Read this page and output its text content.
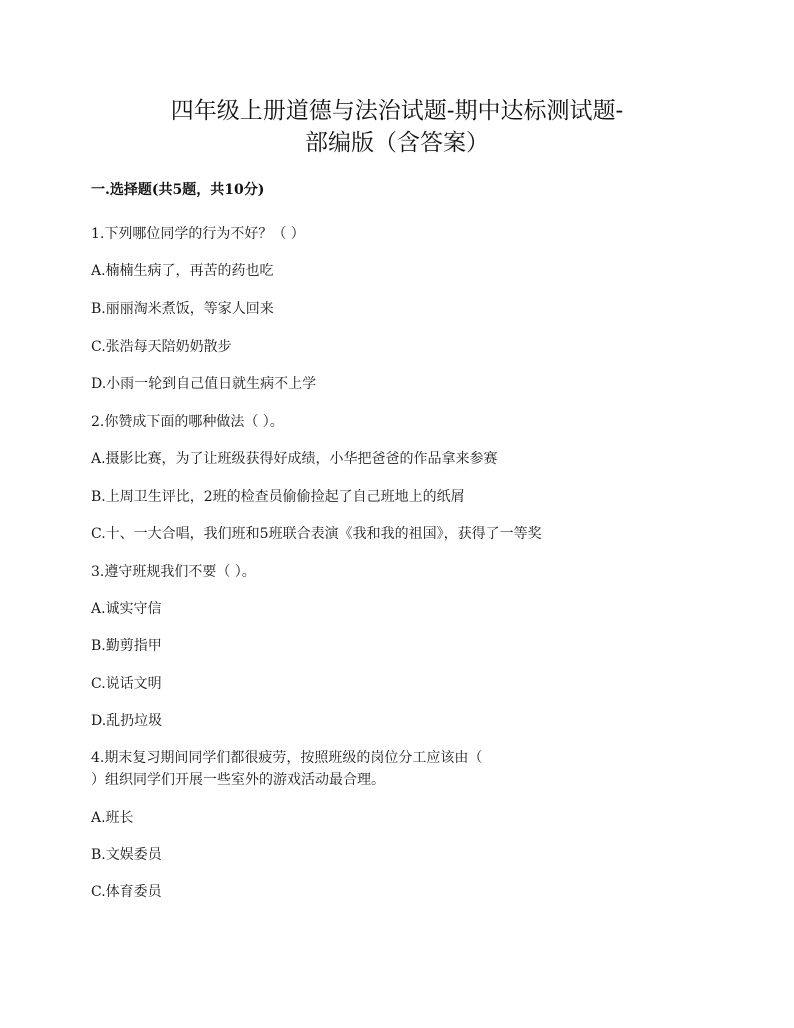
四年级上册道德与法治试题-期中达标测试题-
部编版（含答案）
一.选择题(共5题，共10分)
1.下列哪位同学的行为不好？（ ）
A.楠楠生病了，再苦的药也吃
B.丽丽淘米煮饭，等家人回来
C.张浩每天陪奶奶散步
D.小雨一轮到自己值日就生病不上学
2.你赞成下面的哪种做法（ ）。
A.摄影比赛，为了让班级获得好成绩，小华把爸爸的作品拿来参赛
B.上周卫生评比，2班的检查员偷偷捡起了自己班地上的纸屑
C.十、一大合唱，我们班和5班联合表演《我和我的祖国》，获得了一等奖
3.遵守班规我们不要（ ）。
A.诚实守信
B.勤剪指甲
C.说话文明
D.乱扔垃圾
4.期末复习期间同学们都很疲劳，按照班级的岗位分工应该由（
）组织同学们开展一些室外的游戏活动最合理。
A.班长
B.文娱委员
C.体育委员
